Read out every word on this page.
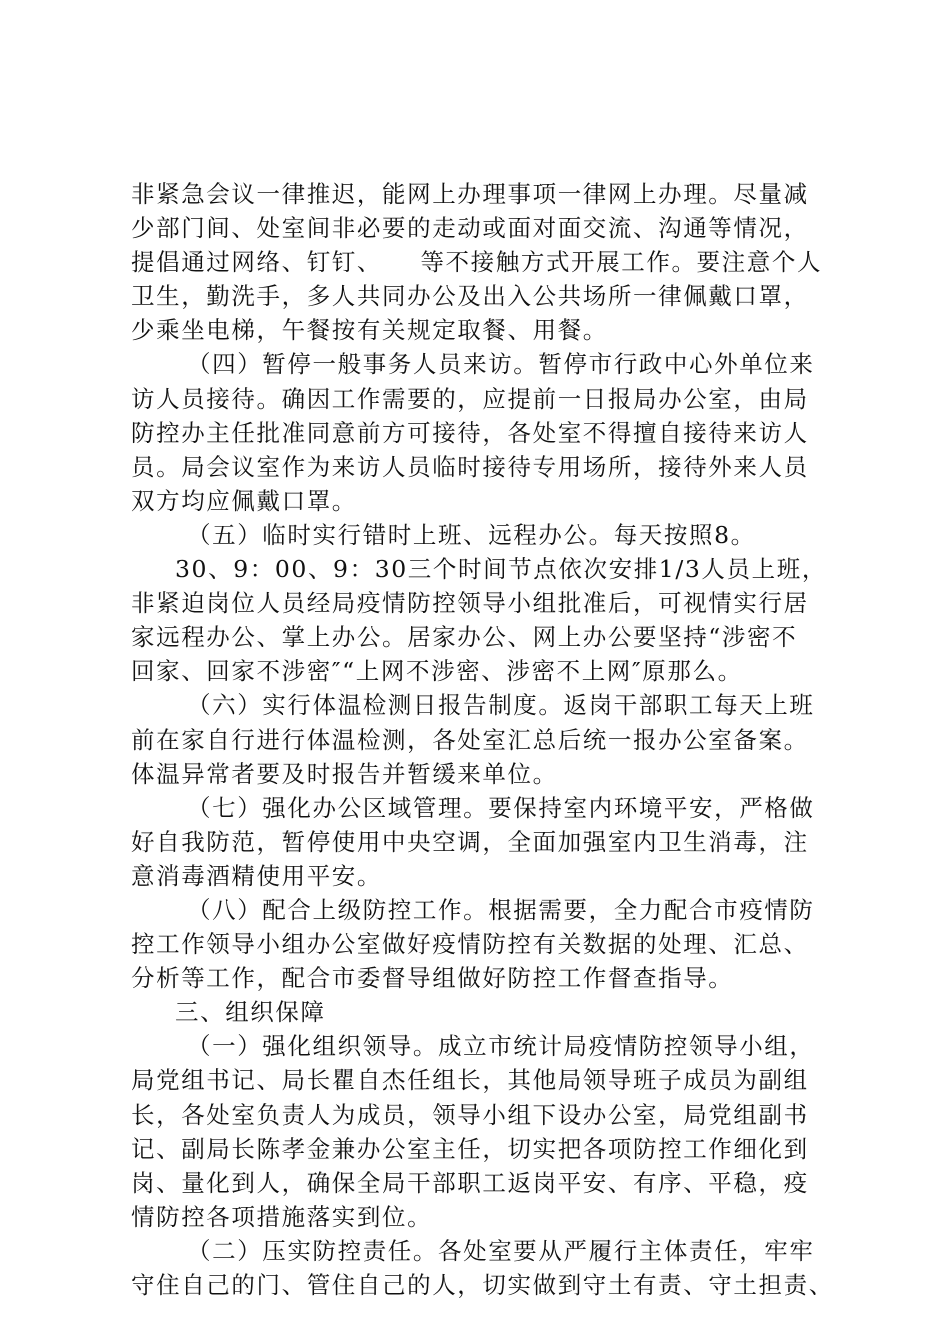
非紧急会议一律推迟，能网上办理事项一律网上办理。尽量减
少部门间、处室间非必要的走动或面对面交流、沟通等情况，
提倡通过网络、钉钉、　　等不接触方式开展工作。要注意个人
卫生，勤洗手，多人共同办公及出入公共场所一律佩戴口罩，
少乘坐电梯，午餐按有关规定取餐、用餐。
（四）暂停一般事务人员来访。暂停市行政中心外单位来
访人员接待。确因工作需要的，应提前一日报局办公室，由局
防控办主任批准同意前方可接待，各处室不得擅自接待来访人
员。局会议室作为来访人员临时接待专用场所，接待外来人员
双方均应佩戴口罩。
（五）临时实行错时上班、远程办公。每天按照8。
30、9：00、9：30三个时间节点依次安排1/3人员上班，
非紧迫岗位人员经局疫情防控领导小组批准后，可视情实行居
家远程办公、掌上办公。居家办公、网上办公要坚持“涉密不
回家、回家不涉密″“上网不涉密、涉密不上网″原那么。
（六）实行体温检测日报告制度。返岗干部职工每天上班
前在家自行进行体温检测，各处室汇总后统一报办公室备案。
体温异常者要及时报告并暂缓来单位。
（七）强化办公区域管理。要保持室内环境平安，严格做
好自我防范，暂停使用中央空调，全面加强室内卫生消毒，注
意消毒酒精使用平安。
（八）配合上级防控工作。根据需要，全力配合市疫情防
控工作领导小组办公室做好疫情防控有关数据的处理、汇总、
分析等工作，配合市委督导组做好防控工作督查指导。
三、组织保障
（一）强化组织领导。成立市统计局疫情防控领导小组，
局党组书记、局长瞿自杰任组长，其他局领导班子成员为副组
长，各处室负责人为成员，领导小组下设办公室，局党组副书
记、副局长陈孝金兼办公室主任，切实把各项防控工作细化到
岗、量化到人，确保全局干部职工返岗平安、有序、平稳，疫
情防控各项措施落实到位。
（二）压实防控责任。各处室要从严履行主体责任，牢牢
守住自己的门、管住自己的人，切实做到守土有责、守土担责、
